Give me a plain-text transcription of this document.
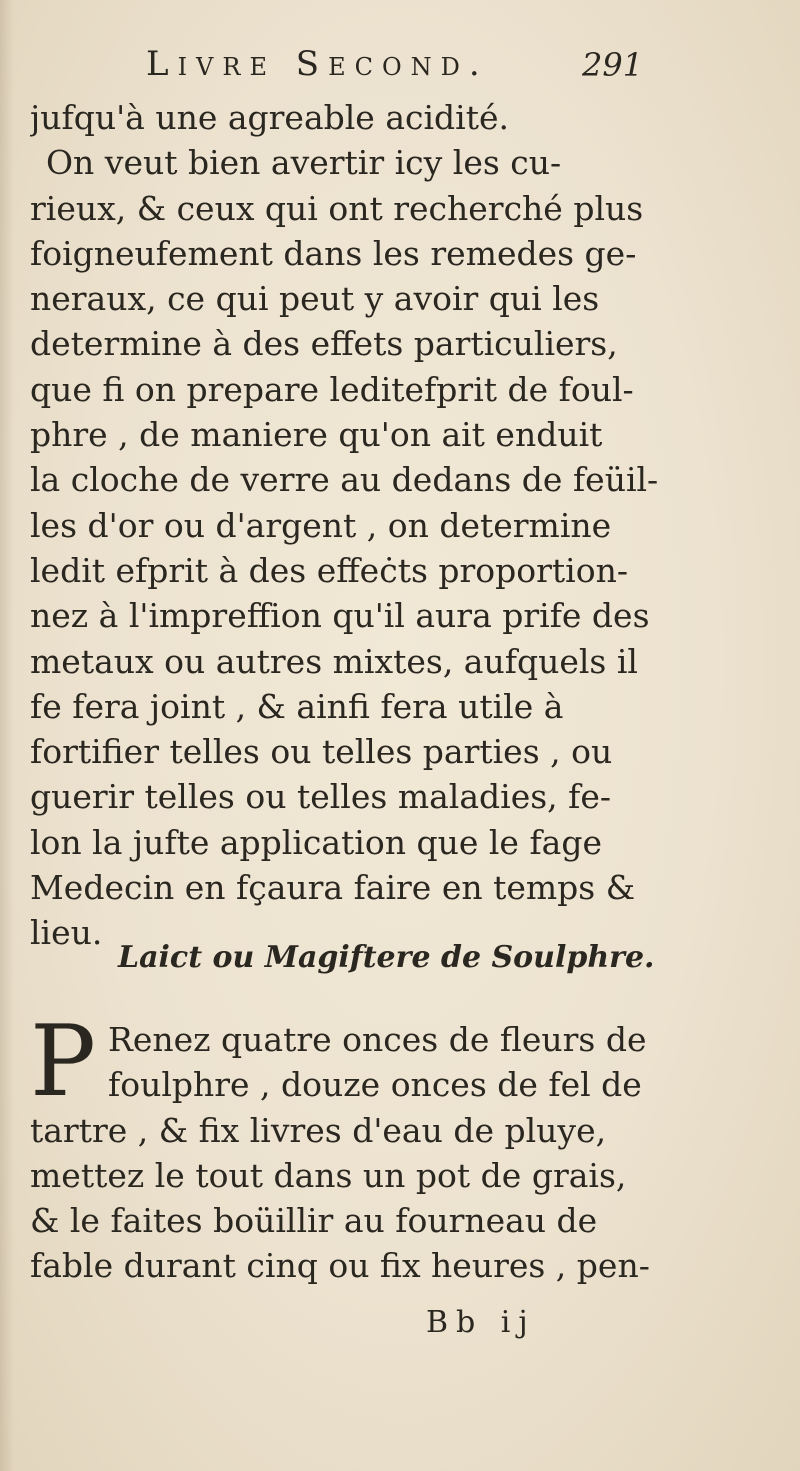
Livre Second.	291
jufqu'à une agreable acidité.
On veut bien avertir icy les cu-
rieux, & ceux qui ont recherché plus
foigneufement dans les remedes ge-
neraux, ce qui peut y avoir qui les
determine à des effets particuliers,
que fi on prepare leditefprit de foul-
phre , de maniere qu'on ait enduit
la cloche de verre au dedans de feüil-
les d'or ou d'argent , on determine
ledit efprit à des effeċts proportion-
nez à l'impreffion qu'il aura prife des
metaux ou autres mixtes, aufquels il
fe fera joint , & ainfi fera utile à
fortifier telles ou telles parties , ou
guerir telles ou telles maladies, fe-
lon la jufte application que le fage
Medecin en fçaura faire en temps &
lieu.
Laict ou Magiftere de Soulphre.
P Renez quatre onces de fleurs de
foulphre , douze onces de fel de
tartre , & fix livres d'eau de pluye,
mettez le tout dans un pot de grais,
& le faites boüillir au fourneau de
fable durant cinq ou fix heures , pen-
Bb ij
